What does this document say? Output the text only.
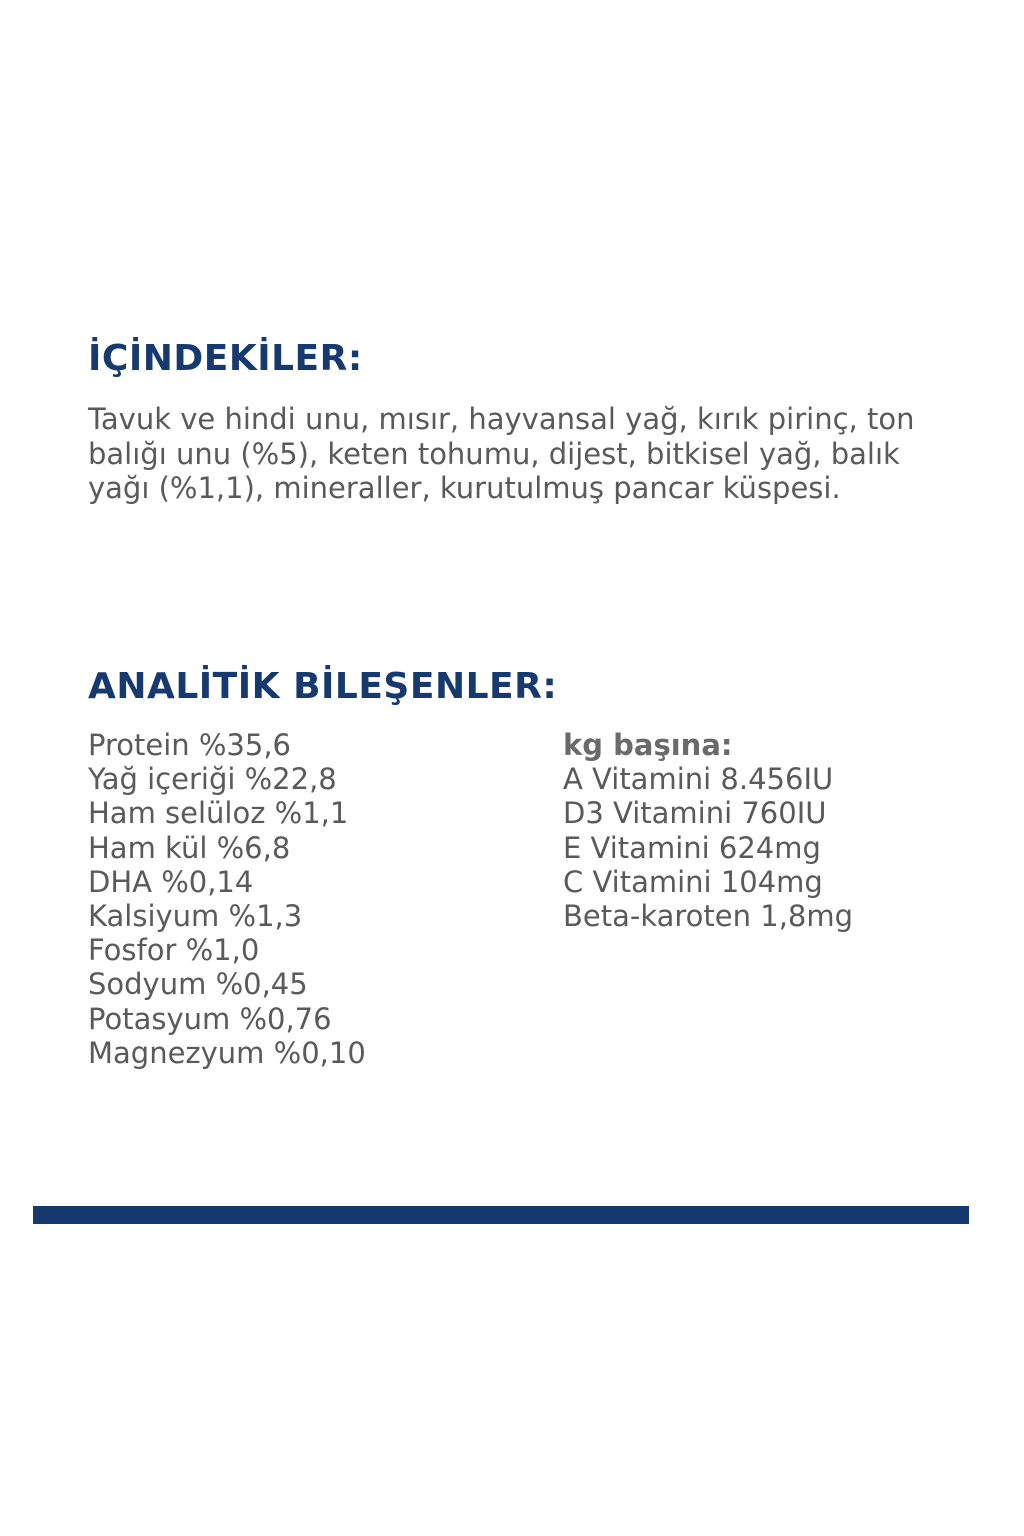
İÇİNDEKİLER:

Tavuk ve hindi unu, mısır, hayvansal yağ, kırık pirinç, ton balığı unu (%5), keten tohumu, dijest, bitkisel yağ, balık yağı (%1,1), mineraller, kurutulmuş pancar küspesi.

ANALİTİK BİLEŞENLER:
Protein %35,6
Yağ içeriği %22,8
Ham selüloz %1,1
Ham kül %6,8
DHA %0,14
Kalsiyum %1,3
Fosfor %1,0
Sodyum %0,45
Potasyum %0,76
Magnezyum %0,10
kg başına:
A Vitamini 8.456IU
D3 Vitamini 760IU
E Vitamini 624mg
C Vitamini 104mg
Beta-karoten 1,8mg
